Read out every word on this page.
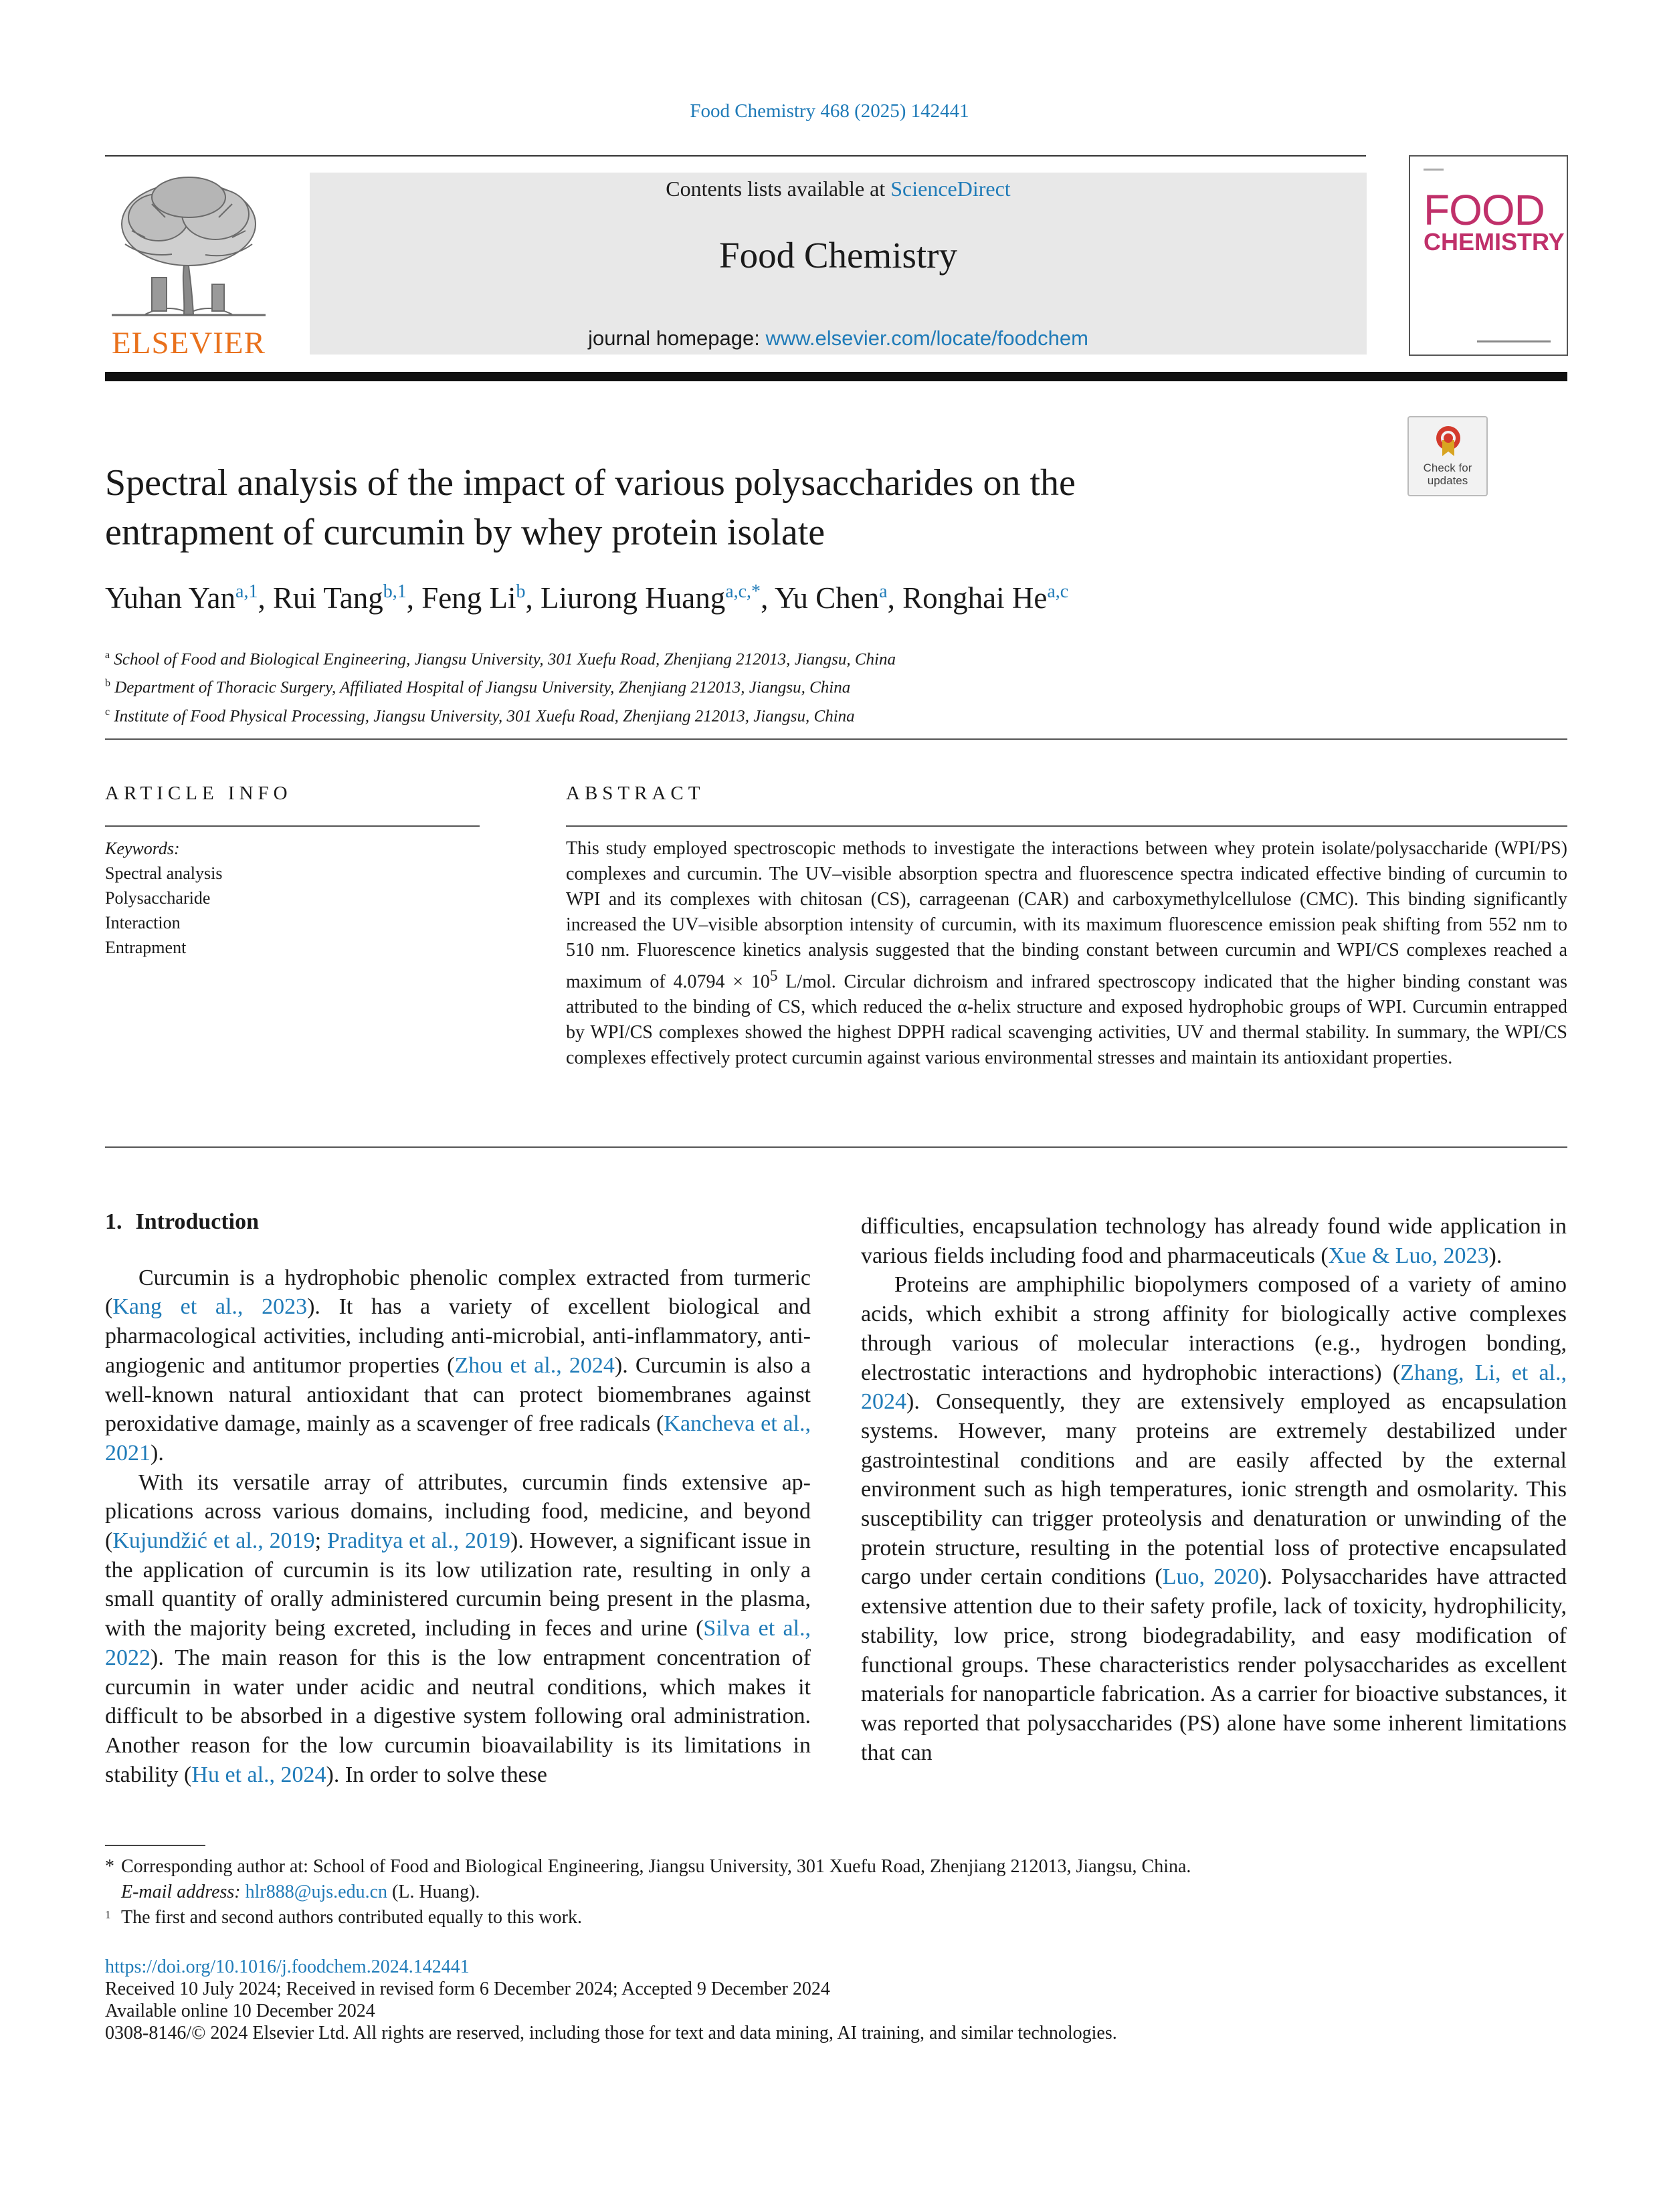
Food Chemistry 468 (2025) 142441
ELSEVIER
Contents lists available at ScienceDirect
Food Chemistry
journal homepage: www.elsevier.com/locate/foodchem
FOOD
CHEMISTRY
Check for
updates
Spectral analysis of the impact of various polysaccharides on the
entrapment of curcumin by whey protein isolate
Yuhan Yan$^{a,1}$, Rui Tang$^{b,1}$, Feng Li$^b$, Liurong Huang$^{a,c,*}$, Yu Chen$^a$, Ronghai He$^{a,c}$
$^a$ School of Food and Biological Engineering, Jiangsu University, 301 Xuefu Road, Zhenjiang 212013, Jiangsu, China
$^b$ Department of Thoracic Surgery, Affiliated Hospital of Jiangsu University, Zhenjiang 212013, Jiangsu, China
$^c$ Institute of Food Physical Processing, Jiangsu University, 301 Xuefu Road, Zhenjiang 212013, Jiangsu, China
ARTICLE INFO	ABSTRACT
Keywords:
Spectral analysis
Polysaccharide
Interaction
Entrapment
This study employed spectroscopic methods to investigate the interactions between whey protein isolate/polysaccharide (WPI/PS) complexes and curcumin. The UV–visible absorption spectra and fluorescence spectra indicated effective binding of curcumin to WPI and its complexes with chitosan (CS), carrageenan (CAR) and carboxymethylcellulose (CMC). This binding significantly increased the UV–visible absorption intensity of curcumin, with its maximum fluorescence emission peak shifting from 552 nm to 510 nm. Fluorescence kinetics analysis suggested that the binding constant between curcumin and WPI/CS complexes reached a maximum of $4.0794 \times 10^5$ L/mol. Circular dichroism and infrared spectroscopy indicated that the higher binding constant was attributed to the binding of CS, which reduced the α-helix structure and exposed hydrophobic groups of WPI. Curcumin entrapped by WPI/CS complexes showed the highest DPPH radical scavenging activities, UV and thermal stability. In summary, the WPI/CS complexes effectively protect curcumin against various environmental stresses and maintain its antioxidant properties.
1. Introduction

Curcumin is a hydrophobic phenolic complex extracted from turmeric (Kang et al., 2023). It has a variety of excellent biological and pharmacological activities, including anti-microbial, anti-inflammatory, anti-angiogenic and antitumor properties (Zhou et al., 2024). Curcumin is also a well-known natural antioxidant that can protect biomembranes against peroxidative damage, mainly as a scavenger of free radicals (Kancheva et al., 2021).

With its versatile array of attributes, curcumin finds extensive applications across various domains, including food, medicine, and beyond (Kujundžić et al., 2019; Praditya et al., 2019). However, a significant issue in the application of curcumin is its low utilization rate, resulting in only a small quantity of orally administered curcumin being present in the plasma, with the majority being excreted, including in feces and urine (Silva et al., 2022). The main reason for this is the low entrapment concentration of curcumin in water under acidic and neutral conditions, which makes it difficult to be absorbed in a digestive system following oral administration. Another reason for the low curcumin bioavailability is its limitations in stability (Hu et al., 2024). In order to solve these

difficulties, encapsulation technology has already found wide application in various fields including food and pharmaceuticals (Xue & Luo, 2023).

Proteins are amphiphilic biopolymers composed of a variety of amino acids, which exhibit a strong affinity for biologically active complexes through various of molecular interactions (e.g., hydrogen bonding, electrostatic interactions and hydrophobic interactions) (Zhang, Li, et al., 2024). Consequently, they are extensively employed as encapsulation systems. However, many proteins are extremely destabilized under gastrointestinal conditions and are easily affected by the external environment such as high temperatures, ionic strength and osmolarity. This susceptibility can trigger proteolysis and denaturation or unwinding of the protein structure, resulting in the potential loss of protective encapsulated cargo under certain conditions (Luo, 2020). Polysaccharides have attracted extensive attention due to their safety profile, lack of toxicity, hydrophilicity, stability, low price, strong biodegradability, and easy modification of functional groups. These characteristics render polysaccharides as excellent materials for nanoparticle fabrication. As a carrier for bioactive substances, it was reported that polysaccharides (PS) alone have some inherent limitations that can

* Corresponding author at: School of Food and Biological Engineering, Jiangsu University, 301 Xuefu Road, Zhenjiang 212013, Jiangsu, China.
E-mail address: hlr888@ujs.edu.cn (L. Huang).
1 The first and second authors contributed equally to this work.
https://doi.org/10.1016/j.foodchem.2024.142441
Received 10 July 2024; Received in revised form 6 December 2024; Accepted 9 December 2024
Available online 10 December 2024
0308-8146/© 2024 Elsevier Ltd. All rights are reserved, including those for text and data mining, AI training, and similar technologies.
